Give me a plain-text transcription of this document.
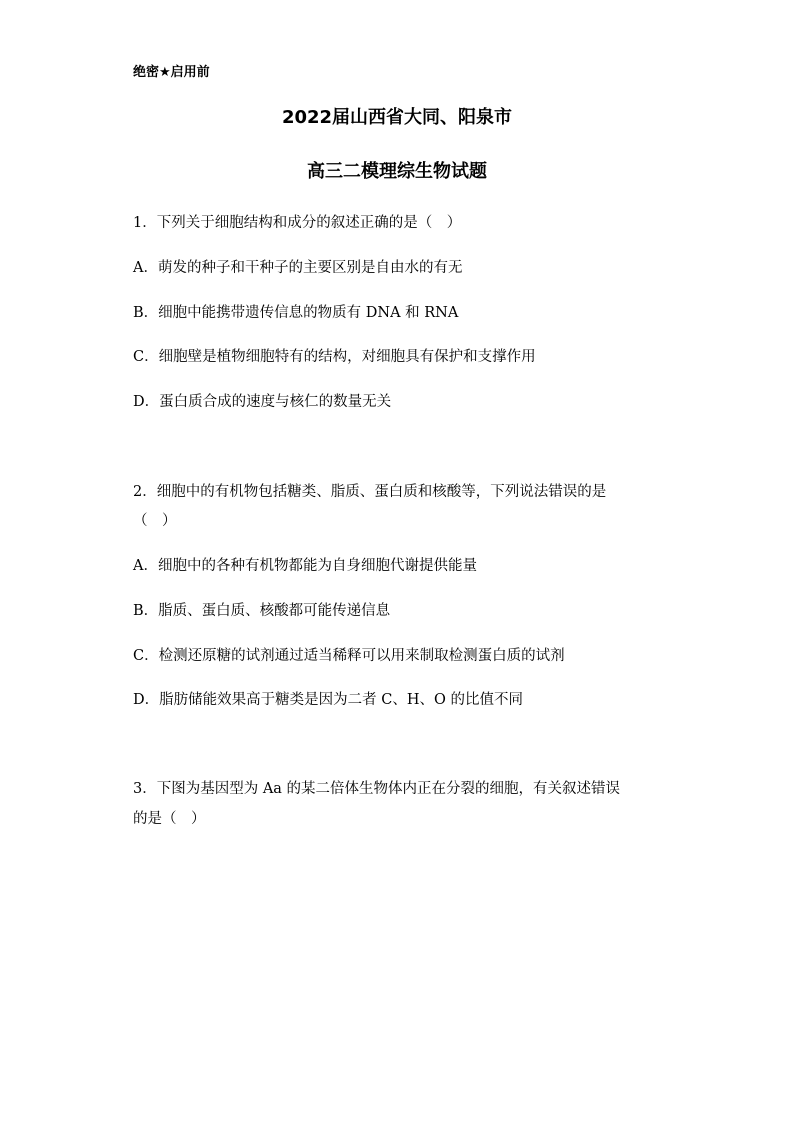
绝密★启用前
2022届山西省大同、阳泉市
高三二模理综生物试题
1．下列关于细胞结构和成分的叙述正确的是（　）
A．萌发的种子和干种子的主要区别是自由水的有无
B．细胞中能携带遗传信息的物质有 DNA 和 RNA
C．细胞壁是植物细胞特有的结构，对细胞具有保护和支撑作用
D．蛋白质合成的速度与核仁的数量无关
2．细胞中的有机物包括糖类、脂质、蛋白质和核酸等，下列说法错误的是
（　）
A．细胞中的各种有机物都能为自身细胞代谢提供能量
B．脂质、蛋白质、核酸都可能传递信息
C．检测还原糖的试剂通过适当稀释可以用来制取检测蛋白质的试剂
D．脂肪储能效果高于糖类是因为二者 C、H、O 的比值不同
3．下图为基因型为 Aa 的某二倍体生物体内正在分裂的细胞，有关叙述错误
的是（　）
